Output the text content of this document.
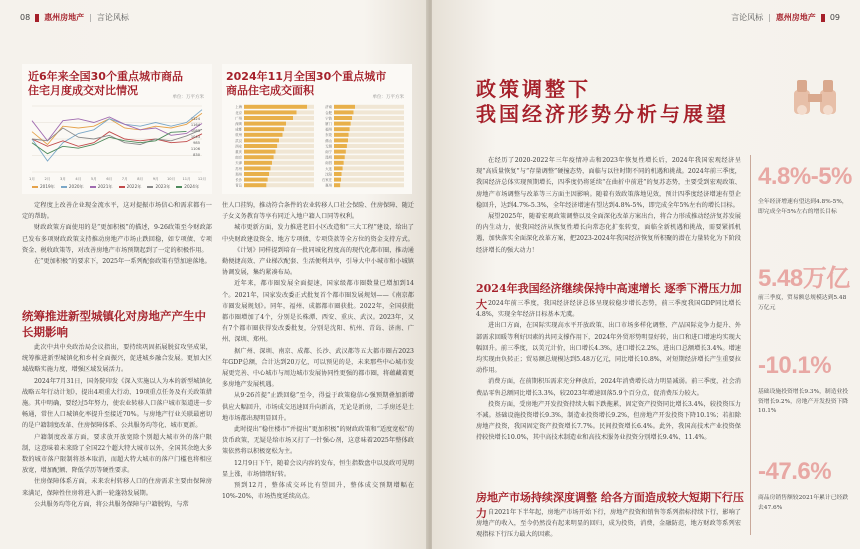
08 惠州房地产 | 言论风标
近6年来全国30个重点城市商品
住宅月度成交对比情况
单位：万平方米
1月	2月	3月	4月	5月	6月	7月	8月	9月 10月 11月 12月
1324
1164
1083
1043
985
1106
830
2019年	2020年	2021年	2022年	2023年	2024年
2024年11月全国30个重点城市
商品住宅成交面积
单位：万平方米
上海
北京
广州
深圳
成都
杭州
武汉
西安
重庆
南京
天津
苏州
郑州
长沙
青岛
济南
合肥
宁波
厦门
福州
东莞
佛山
无锡
南宁
昆明
南昌
大连
沈阳
石家庄
惠州

定程度上改善企业现金流水平，这对提振市场信心和需求都有一定的帮助。

财政政策方面使用的是“更加积极”的描述，9-26政策至今财政部已发布多项财政政策支持推动房地产市场止跌回稳，如专项债、专项资金、税收政策等，对改善房地产市场预期起到了一定的积极作用。

在“更加积极”的要求下，2025年一系列配套政策有望加速落地。

统筹推进新型城镇化对房地产产生中长期影响

此次中共中央政治局会议指出，要持续巩固拓展脱贫攻坚成果，统筹推进新型城镇化和乡村全面振兴，促进城乡融合发展。更加大区域战略实施力度，增强区域发展活力。

2024年7月31日，国务院印发《深入实施以人为本的新型城镇化战略五年行动计划》，提出4项重大行动、19项重点任务及有关政策措施。其中明确，要经过5年努力，使农业转移人口落户城市渠道进一步畅通，常住人口城镇化率提升至接近70%。与房地产行业关联最密切的是户籍制度改革、住房保障体系、公共服务均等化、城市更新。

户籍制度改革方面，要求放开放宽除个别超大城市外的落户限制，这意味着未来除了全国22个超大特大城市以外，全国其余绝大多数的城市落户限制将基本取消，而超大特大城市的落户门槛也将相应放宽，增加配额、降低学历等硬性要求。

住房保障体系方面，未来农村转移人口的住房需求主要由保障房来满足，保障性住房将进入新一轮蓬勃发展期。

公共服务均等化方面，将公共服务保障与户籍脱钩，与常

住人口挂钩，推动符合条件的农业转移人口社会保险、住房保障、随迁子女义务教育等享有同迁入地户籍人口同等权利。

城市更新方面，发力推进老旧小区改造和“三大工程”建设，给出了中央财政建设资金、地方专项债、专项贷款等全方位的资金支持方式。

《计划》同样提到培育一批同城化程度高的现代化都市圈，推动通勤便捷高效、产业梯次配套、生活便利共享，引导大中小城市和小城镇协调发展，集约紧凑布局。

近年来，都市圈发展全面提速，国家级都市圈数量已增加到14个。2021年，国家发改委正式批复首个都市圈发展规划——《南京都市圈发展规划》。同年，福州、成都都市圈获批。2022年，全国获批都市圈增加了4个，分别是长株潭、西安、重庆、武汉。2023年，又有7个都市圈获得发改委批复，分别是沈阳、杭州、青岛、济南、广州、深圳、郑州。

据广州、深圳、南京、成都、长沙、武汉都等五大都市圈占2023年GDP总额，合计达到20万亿，可以预见的是，未来那些中心城市发展更完善、中心城市与周边城市发展协同性更强的都市圈，将蕴藏着更多房地产发展机遇。

从9·26首提“止跌回稳”至今，得益于政策稳信心强预期叠加新增供应大幅回升，市场成交迅速回升向新高，无论是新房，二手房还是土地市场都出现明显回升。

此时提出“稳住楼市”并提出“更加积极”的财政政策和“适度宽松”的货币政策，无疑是给市场又打了一针强心剂，这意味着2025年整体政策依然将以积极宽松为主。

12月9日下午，随着会议内容的发布，恒生指数盘中以及政可见明显上涨，市场情绪好转。

预到12月，整体成交环比有望回升，整体成交预期增幅在10%-20%，市场热度延续高点。

言论风标 | 惠州房地产 09
政策调整下
我国经济形势分析与展望

在经历了2020-2022年三年疫情冲击和2023年恢复性增长后，2024年我国宏观经济呈现“高质量恢复”与“存量调整”硬撞态势，面临与以往时期不同的机遇和挑战。2024年前三季度，我国经济总体实现预期增长，四季度仍将延续“在曲折中前进”的复苏态势，主要受到宏观政策、房地产市场调整与改革等三方面主因影响。随着有效政策落地见效，预计四季度经济增速有望企稳回升，达到4.7%-5.3%，全年经济增速有望达到4.8%-5%，即完成全年5%左右的增长目标。

展望2025年，随着宏观政策调整以及全面深化改革方案出台，将合力形成推动经济复苏发展的内生动力，使我国经济从恢复性增长向常态化扩张转变，面临全新机遇和挑战，需要紧抓机遇，加快落实全面深化改革方案，把2023-2024年我国经济恢复所积聚的潜在力量转化为下阶段经济增长的强大动力！

2024年我国经济继续保持中高速增长 逐季下滑压力加大 2024年前三季度，我国经济经济总体呈现较稳步增长态势，前三季度我国GDP同比增长4.8%，实现全年经济目标基本无虞。

进出口方面，在国际实现高水平开放政策、出口市场多样化调整、产品国际竞争力提升、外部需求回暖等利好因素的共同支撑作用下，2024年外贸形势明显好转，出口和进口增速均实现大幅回升。前三季度，以美元计价，出口增长4.3%，进口增长2.2%，进出口总额增长3.4%。增速均实现由负转正；贸易额总规模达到5.48万亿元，同比增长10.8%，对短期经济增长产生重要拉动作用。

消费方面，在前期积压需求充分释放后，2024年消费增长动力明显减弱。前三季度，社会消费品零售总额同比增长3.3%，较2023年增速回落5.9个百分点，促消费压力较大。

投资方面，受房地产开发投资持续大幅下跌拖累，固定资产投资同比增长3.4%，较投资压力不减。基础设施投资增长9.3%，制造业投资增长9.2%，但房地产开发投资下降10.1%；若扣除房地产投资，我国固定资产投资增长7.7%。民间投资增长6.4%。此外，我国高技术产业投资保持较快增长10.0%，其中高技术制造业和高技术服务业投资分别增长9.4%、11.4%。

房地产市场持续深度调整 给各方面造成较大短期下行压力 自2021年下半年起，房地产市场开始下行，房地产投资和销售等系列指标持续下行，影响了房地产的收入，至今仍然没有起来明显的回归，成为投资，消费，金融防范，地方财政等系列宏观指标下行压力最大的因素。

4.8%-5%
全年经济增速有望达到4.8%-5%，即完成全年5%左右的增长目标
5.48万亿
前三季度，贸易额总规模达到5.48万亿元
-10.1%
基础设施投资增长9.3%，制造业投资增长9.2%，房地产开发投资下降10.1%
-47.6%
商品房销售额较2021年累计已经跌去47.6%
